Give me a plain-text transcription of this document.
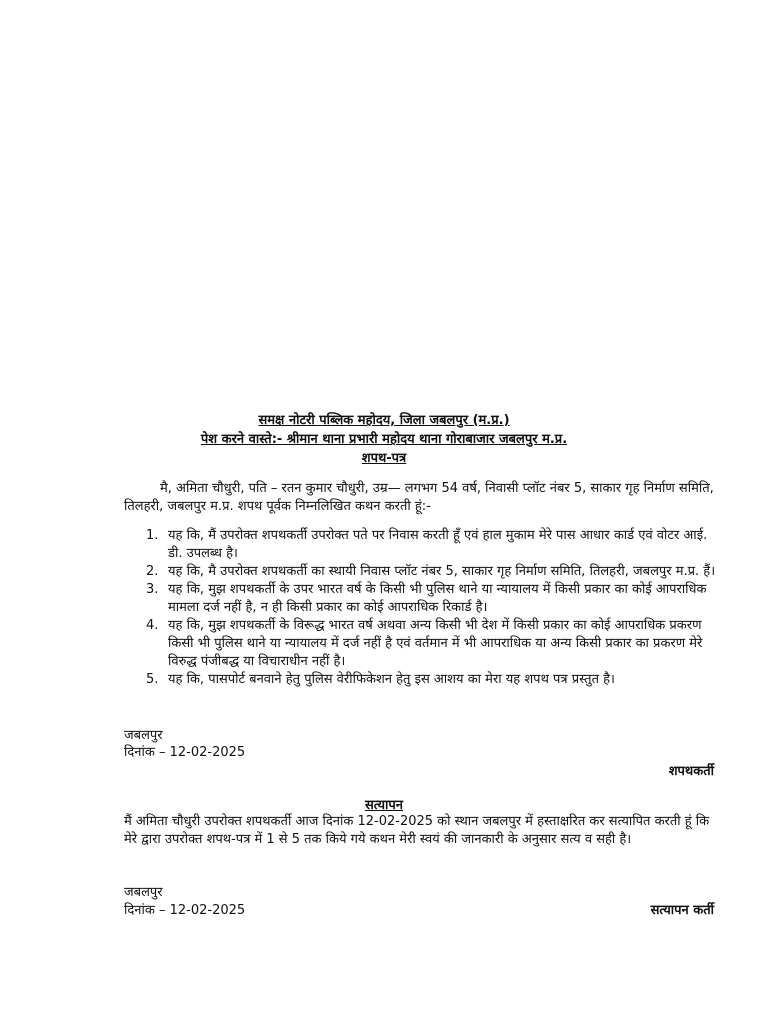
समक्ष नोटरी पब्लिक महोदय, जिला जबलपुर (म.प्र.)
पेश करने वास्ते:- श्रीमान थाना प्रभारी महोदय थाना गोराबाजार जबलपुर म.प्र.
शपथ-पत्र

मै, अमिता चौधुरी, पति – रतन कुमार चौधुरी, उम्र— लगभग 54 वर्ष, निवासी प्लॉट नंबर 5, साकार गृह निर्माण समिति, तिलहरी, जबलपुर म.प्र. शपथ पूर्वक निम्नलिखित कथन करती हूं:-

1. यह कि, मैं उपरोक्त शपथकर्ती उपरोक्त पते पर निवास करती हूँ एवं हाल मुकाम मेरे पास आधार कार्ड एवं वोटर आई. डी. उपलब्ध है।
2. यह कि, मै उपरोक्त शपथकर्ती का स्थायी निवास प्लॉट नंबर 5, साकार गृह निर्माण समिति, तिलहरी, जबलपुर म.प्र. हैं।
3. यह कि, मुझ शपथकर्ती के उपर भारत वर्ष के किसी भी पुलिस थाने या न्यायालय में किसी प्रकार का कोई आपराधिक मामला दर्ज नहीं है, न ही किसी प्रकार का कोई आपराधिक रिकार्ड है।
4. यह कि, मुझ शपथकर्ती के विरूद्ध भारत वर्ष अथवा अन्य किसी भी देश में किसी प्रकार का कोई आपराधिक प्रकरण किसी भी पुलिस थाने या न्यायालय में दर्ज नहीं है एवं वर्तमान में भी आपराधिक या अन्य किसी प्रकार का प्रकरण मेरे विरुद्ध पंजीबद्ध या विचाराधीन नहीं है।
5. यह कि, पासपोर्ट बनवाने हेतु पुलिस वेरीफिकेशन हेतु इस आशय का मेरा यह शपथ पत्र प्रस्तुत है।
जबलपुर
दिनांक – 12-02-2025
शपथकर्ती
सत्यापन

मैं अमिता चौधुरी उपरोक्त शपथकर्ती आज दिनांक 12-02-2025 को स्थान जबलपुर में हस्ताक्षरित कर सत्यापित करती हूं कि मेरे द्वारा उपरोक्त शपथ-पत्र में 1 से 5 तक किये गये कथन मेरी स्वयं की जानकारी के अनुसार सत्य व सही है।

जबलपुर
दिनांक – 12-02-2025	सत्यापन कर्ती
